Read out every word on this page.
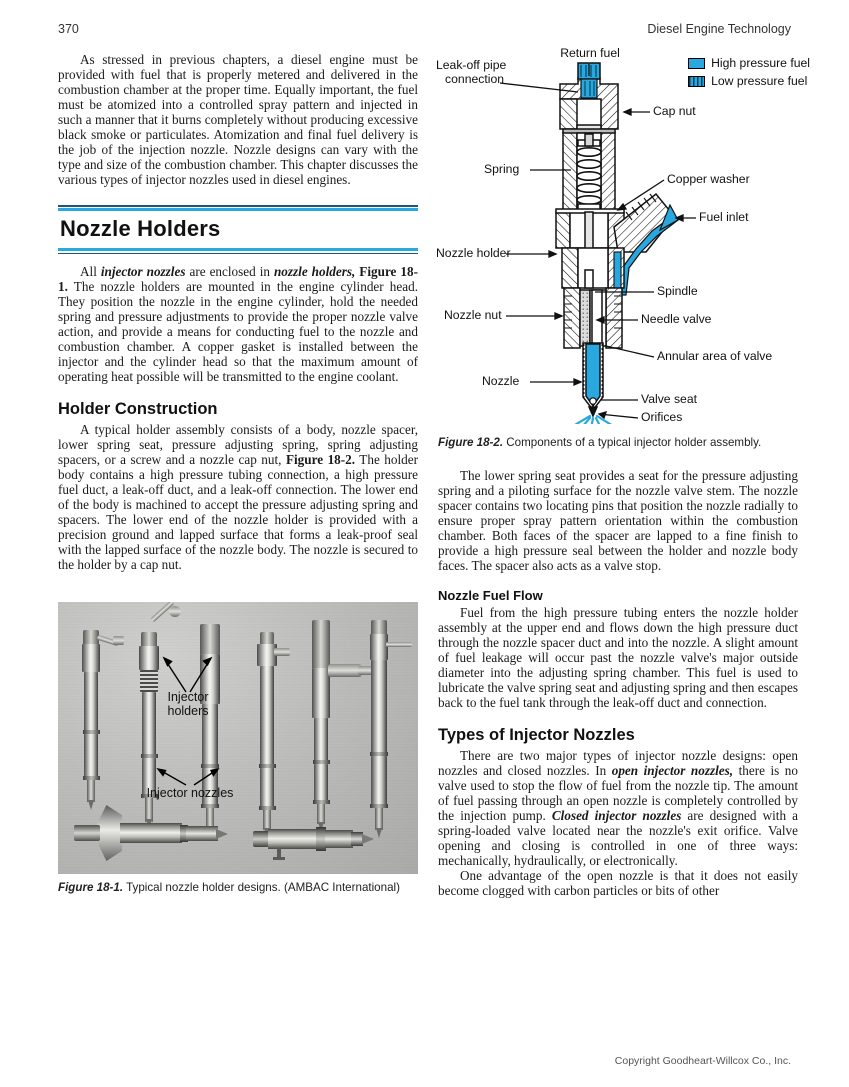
370	Diesel Engine Technology

As stressed in previous chapters, a diesel engine must be provided with fuel that is properly metered and delivered in the combustion chamber at the proper time. Equally important, the fuel must be atomized into a controlled spray pattern and injected in such a manner that it burns completely without producing excessive black smoke or particulates. Atomization and final fuel delivery is the job of the injection nozzle. Nozzle designs can vary with the type and size of the combustion chamber. This chapter discusses the various types of injector nozzles used in diesel engines.

Nozzle Holders

All injector nozzles are enclosed in nozzle holders, Figure 18-1. The nozzle holders are mounted in the engine cylinder head. They position the nozzle in the engine cylinder, hold the needed spring and pressure adjustments to provide the proper nozzle valve action, and provide a means for conducting fuel to the nozzle and combustion chamber. A copper gasket is installed between the injector and the cylinder head so that the maximum amount of operating heat possible will be transmitted to the engine coolant.

Holder Construction

A typical holder assembly consists of a body, nozzle spacer, lower spring seat, pressure adjusting spring, spring adjusting spacers, or a screw and a nozzle cap nut, Figure 18-2. The holder body contains a high pressure tubing connection, a high pressure fuel duct, a leak-off duct, and a leak-off connection. The lower end of the body is machined to accept the pressure adjusting spring and spacers. The lower end of the nozzle holder is provided with a precision ground and lapped surface that forms a leak-proof seal with the lapped surface of the nozzle body. The nozzle is secured to the holder by a cap nut.

Injector
holders
Injector nozzles
Figure 18-1. Typical nozzle holder designs. (AMBAC International)
High pressure fuel
Low pressure fuel
Leak-off pipe
connection
Return fuel
Cap nut
Spring
Copper washer
Fuel inlet
Nozzle holder
Spindle
Nozzle nut	Needle valve
Annular area of valve
Nozzle
Valve seat
Orifices
Figure 18-2. Components of a typical injector holder assembly.

The lower spring seat provides a seat for the pressure adjusting spring and a piloting surface for the nozzle valve stem. The nozzle spacer contains two locating pins that position the nozzle radially to ensure proper spray pattern orientation within the combustion chamber. Both faces of the spacer are lapped to a fine finish to provide a high pressure seal between the holder and nozzle body faces. The spacer also acts as a valve stop.

Nozzle Fuel Flow

Fuel from the high pressure tubing enters the nozzle holder assembly at the upper end and flows down the high pressure duct through the nozzle spacer duct and into the nozzle. A slight amount of fuel leakage will occur past the nozzle valve's major outside diameter into the adjusting spring chamber. This fuel is used to lubricate the valve spring seat and adjusting spring and then escapes back to the fuel tank through the leak-off duct and connection.

Types of Injector Nozzles

There are two major types of injector nozzle designs: open nozzles and closed nozzles. In open injector nozzles, there is no valve used to stop the flow of fuel from the nozzle tip. The amount of fuel passing through an open nozzle is completely controlled by the injection pump. Closed injector nozzles are designed with a spring-loaded valve located near the nozzle's exit orifice. Valve opening and closing is controlled in one of three ways: mechanically, hydraulically, or electronically.

One advantage of the open nozzle is that it does not easily become clogged with carbon particles or bits of other

Copyright Goodheart-Willcox Co., Inc.
